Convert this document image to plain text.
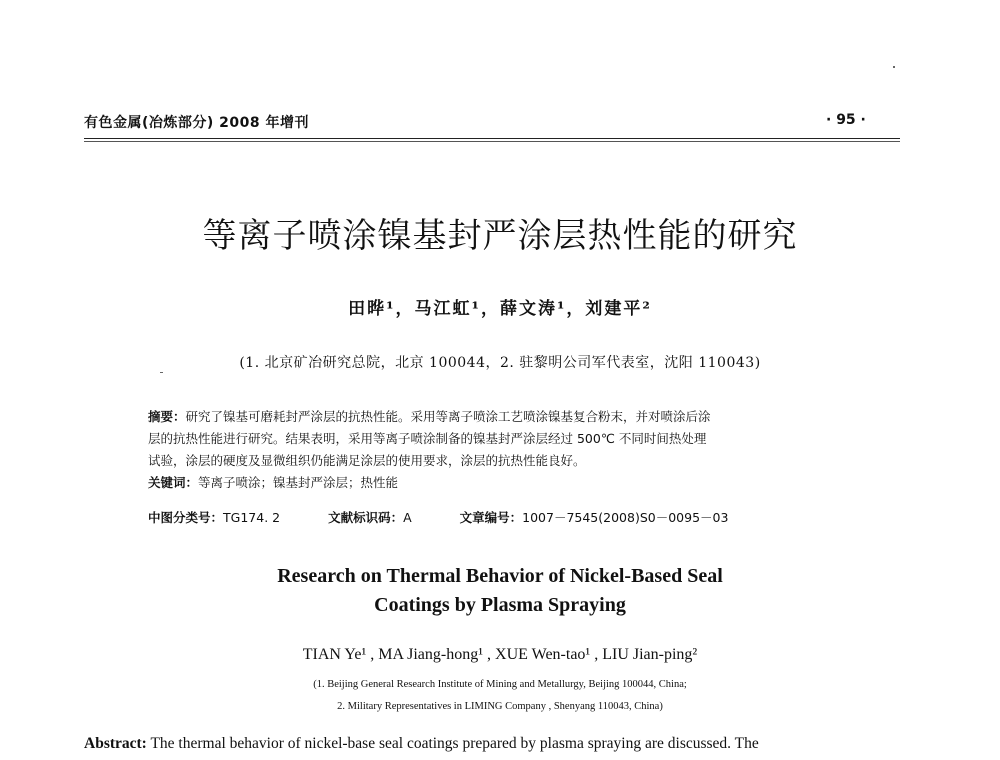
有色金属(冶炼部分) 2008 年增刊	· 95 ·
等离子喷涂镍基封严涂层热性能的研究
田晔¹，马江虹¹，薛文涛¹，刘建平²
(1. 北京矿冶研究总院，北京 100044，2. 驻黎明公司军代表室，沈阳 110043)
摘要：研究了镍基可磨耗封严涂层的抗热性能。采用等离子喷涂工艺喷涂镍基复合粉末，并对喷涂后涂
层的抗热性能进行研究。结果表明，采用等离子喷涂制备的镍基封严涂层经过 500℃ 不同时间热处理
试验，涂层的硬度及显微组织仍能满足涂层的使用要求，涂层的抗热性能良好。
关键词：等离子喷涂；镍基封严涂层；热性能
中图分类号：TG174. 2	文献标识码：A	文章编号：1007－7545(2008)S0－0095－03
Research on Thermal Behavior of Nickel-Based Seal
Coatings by Plasma Spraying
TIAN Ye¹ , MA Jiang-hong¹ , XUE Wen-tao¹ , LIU Jian-ping²
(1. Beijing General Research Institute of Mining and Metallurgy, Beijing 100044, China;
2. Military Representatives in LIMING Company , Shenyang 110043, China)
Abstract: The thermal behavior of nickel-base seal coatings prepared by plasma spraying are discussed. The
